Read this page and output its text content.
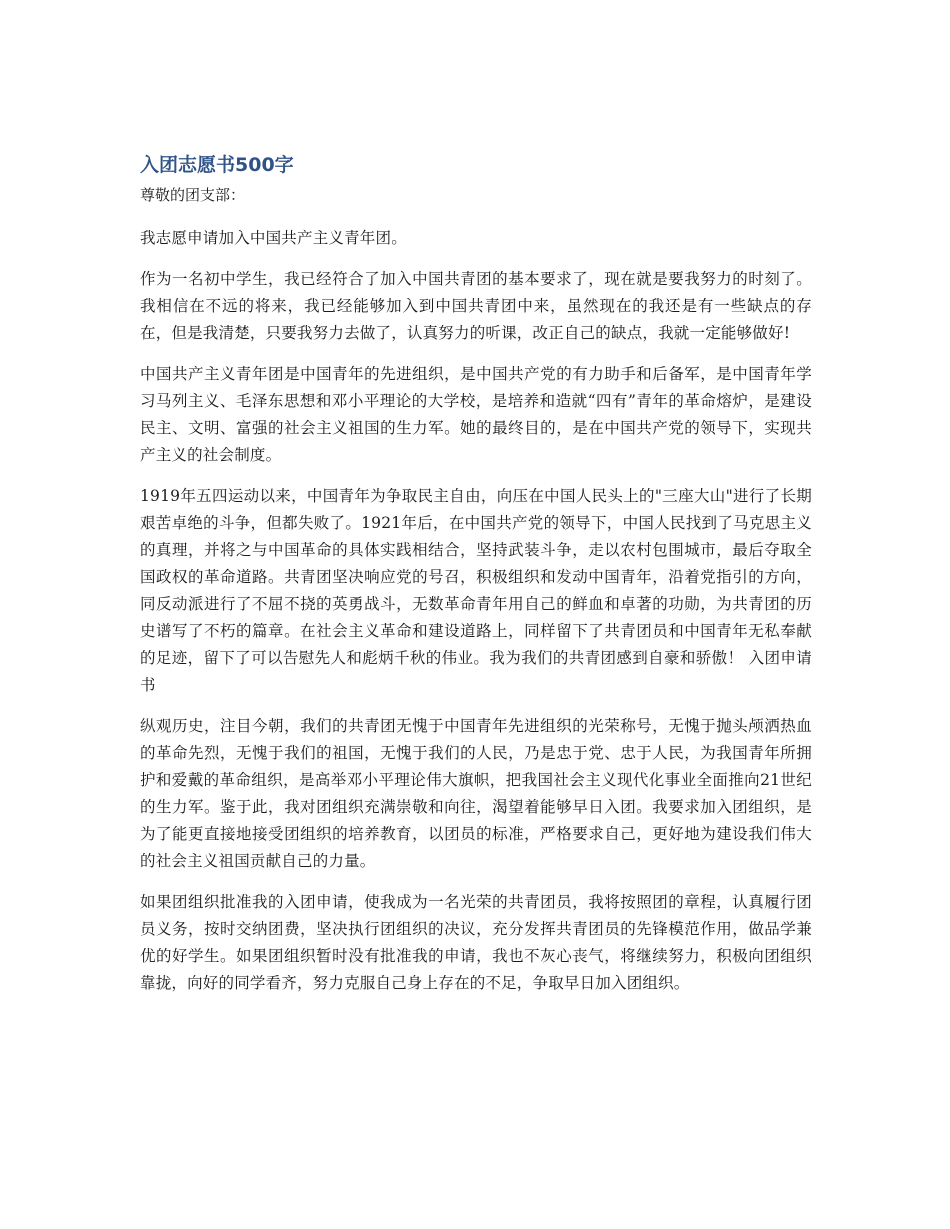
入团志愿书500字

尊敬的团支部：

我志愿申请加入中国共产主义青年团。

作为一名初中学生，我已经符合了加入中国共青团的基本要求了，现在就是要我努力的时刻了。我相信在不远的将来，我已经能够加入到中国共青团中来，虽然现在的我还是有一些缺点的存在，但是我清楚，只要我努力去做了，认真努力的听课，改正自己的缺点，我就一定能够做好!

中国共产主义青年团是中国青年的先进组织，是中国共产党的有力助手和后备军，是中国青年学习马列主义、毛泽东思想和邓小平理论的大学校，是培养和造就“四有”青年的革命熔炉，是建设民主、文明、富强的社会主义祖国的生力军。她的最终目的，是在中国共产党的领导下，实现共产主义的社会制度。

1919年五四运动以来，中国青年为争取民主自由，向压在中国人民头上的"三座大山"进行了长期艰苦卓绝的斗争，但都失败了。1921年后，在中国共产党的领导下，中国人民找到了马克思主义的真理，并将之与中国革命的具体实践相结合，坚持武装斗争，走以农村包围城市，最后夺取全国政权的革命道路。共青团坚决响应党的号召，积极组织和发动中国青年，沿着党指引的方向，同反动派进行了不屈不挠的英勇战斗，无数革命青年用自己的鲜血和卓著的功勋，为共青团的历史谱写了不朽的篇章。在社会主义革命和建设道路上，同样留下了共青团员和中国青年无私奉献的足迹，留下了可以告慰先人和彪炳千秋的伟业。我为我们的共青团感到自豪和骄傲！ 入团申请书

纵观历史，注目今朝，我们的共青团无愧于中国青年先进组织的光荣称号，无愧于抛头颅洒热血的革命先烈，无愧于我们的祖国，无愧于我们的人民，乃是忠于党、忠于人民，为我国青年所拥护和爱戴的革命组织，是高举邓小平理论伟大旗帜，把我国社会主义现代化事业全面推向21世纪的生力军。鉴于此，我对团组织充满崇敬和向往，渴望着能够早日入团。我要求加入团组织，是为了能更直接地接受团组织的培养教育，以团员的标准，严格要求自己，更好地为建设我们伟大的社会主义祖国贡献自己的力量。

如果团组织批准我的入团申请，使我成为一名光荣的共青团员，我将按照团的章程，认真履行团员义务，按时交纳团费，坚决执行团组织的决议，充分发挥共青团员的先锋模范作用，做品学兼优的好学生。如果团组织暂时没有批准我的申请，我也不灰心丧气，将继续努力，积极向团组织靠拢，向好的同学看齐，努力克服自己身上存在的不足，争取早日加入团组织。
